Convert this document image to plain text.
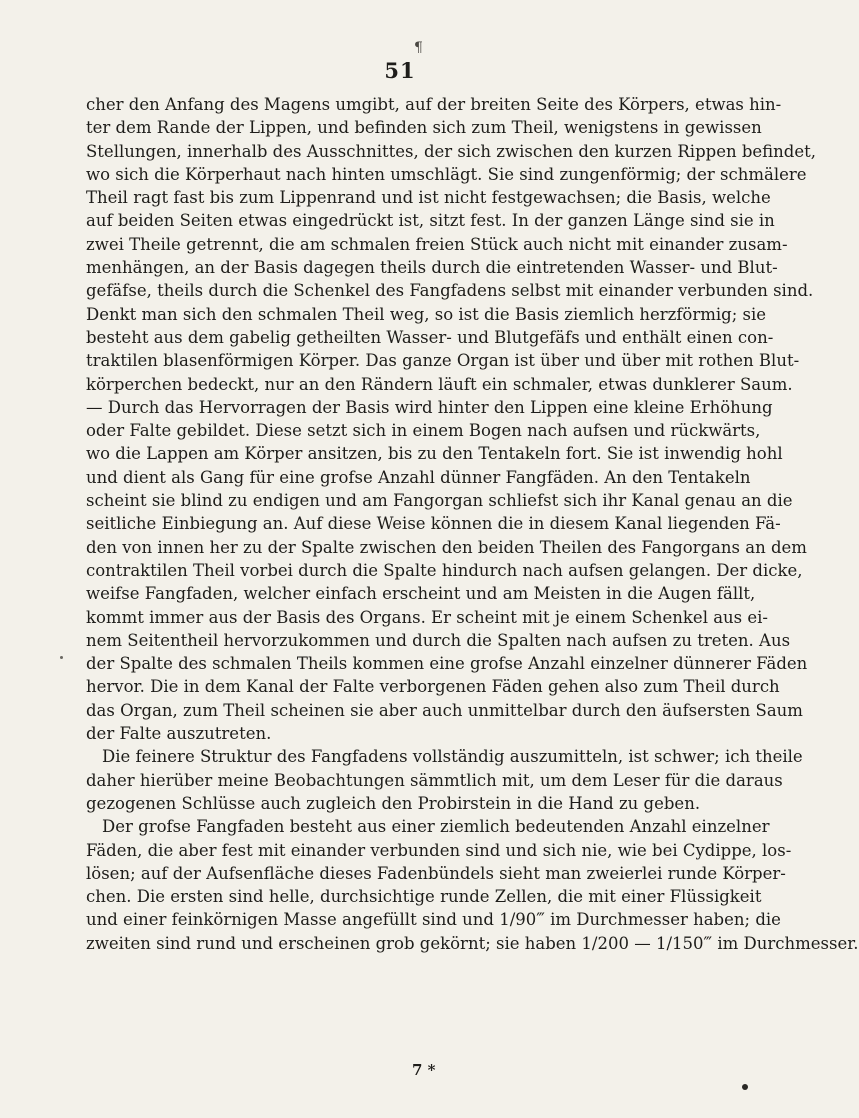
¶
51
cher den Anfang des Magens umgibt, auf der breiten Seite des Körpers, etwas hin-
ter dem Rande der Lippen, und befinden sich zum Theil, wenigstens in gewissen
Stellungen, innerhalb des Ausschnittes, der sich zwischen den kurzen Rippen befindet,
wo sich die Körperhaut nach hinten umschlägt. Sie sind zungenförmig; der schmälere
Theil ragt fast bis zum Lippenrand und ist nicht festgewachsen; die Basis, welche
auf beiden Seiten etwas eingedrückt ist, sitzt fest. In der ganzen Länge sind sie in
zwei Theile getrennt, die am schmalen freien Stück auch nicht mit einander zusam-
menhängen, an der Basis dagegen theils durch die eintretenden Wasser- und Blut-
gefäfse, theils durch die Schenkel des Fangfadens selbst mit einander verbunden sind.
Denkt man sich den schmalen Theil weg, so ist die Basis ziemlich herzförmig; sie
besteht aus dem gabelig getheilten Wasser- und Blutgefäfs und enthält einen con-
traktilen blasenförmigen Körper. Das ganze Organ ist über und über mit rothen Blut-
körperchen bedeckt, nur an den Rändern läuft ein schmaler, etwas dunklerer Saum.
— Durch das Hervorragen der Basis wird hinter den Lippen eine kleine Erhöhung
oder Falte gebildet. Diese setzt sich in einem Bogen nach aufsen und rückwärts,
wo die Lappen am Körper ansitzen, bis zu den Tentakeln fort. Sie ist inwendig hohl
und dient als Gang für eine grofse Anzahl dünner Fangfäden. An den Tentakeln
scheint sie blind zu endigen und am Fangorgan schliefst sich ihr Kanal genau an die
seitliche Einbiegung an. Auf diese Weise können die in diesem Kanal liegenden Fä-
den von innen her zu der Spalte zwischen den beiden Theilen des Fangorgans an dem
contraktilen Theil vorbei durch die Spalte hindurch nach aufsen gelangen. Der dicke,
weifse Fangfaden, welcher einfach erscheint und am Meisten in die Augen fällt,
kommt immer aus der Basis des Organs. Er scheint mit je einem Schenkel aus ei-
nem Seitentheil hervorzukommen und durch die Spalten nach aufsen zu treten. Aus
der Spalte des schmalen Theils kommen eine grofse Anzahl einzelner dünnerer Fäden
hervor. Die in dem Kanal der Falte verborgenen Fäden gehen also zum Theil durch
das Organ, zum Theil scheinen sie aber auch unmittelbar durch den äufsersten Saum
der Falte auszutreten.
Die feinere Struktur des Fangfadens vollständig auszumitteln, ist schwer; ich theile
daher hierüber meine Beobachtungen sämmtlich mit, um dem Leser für die daraus
gezogenen Schlüsse auch zugleich den Probirstein in die Hand zu geben.
Der grofse Fangfaden besteht aus einer ziemlich bedeutenden Anzahl einzelner
Fäden, die aber fest mit einander verbunden sind und sich nie, wie bei Cydippe, los-
lösen; auf der Aufsenfläche dieses Fadenbündels sieht man zweierlei runde Körper-
chen. Die ersten sind helle, durchsichtige runde Zellen, die mit einer Flüssigkeit
und einer feinkörnigen Masse angefüllt sind und 1/90‴ im Durchmesser haben; die
zweiten sind rund und erscheinen grob gekörnt; sie haben 1/200 — 1/150‴ im Durchmesser.
7 *
